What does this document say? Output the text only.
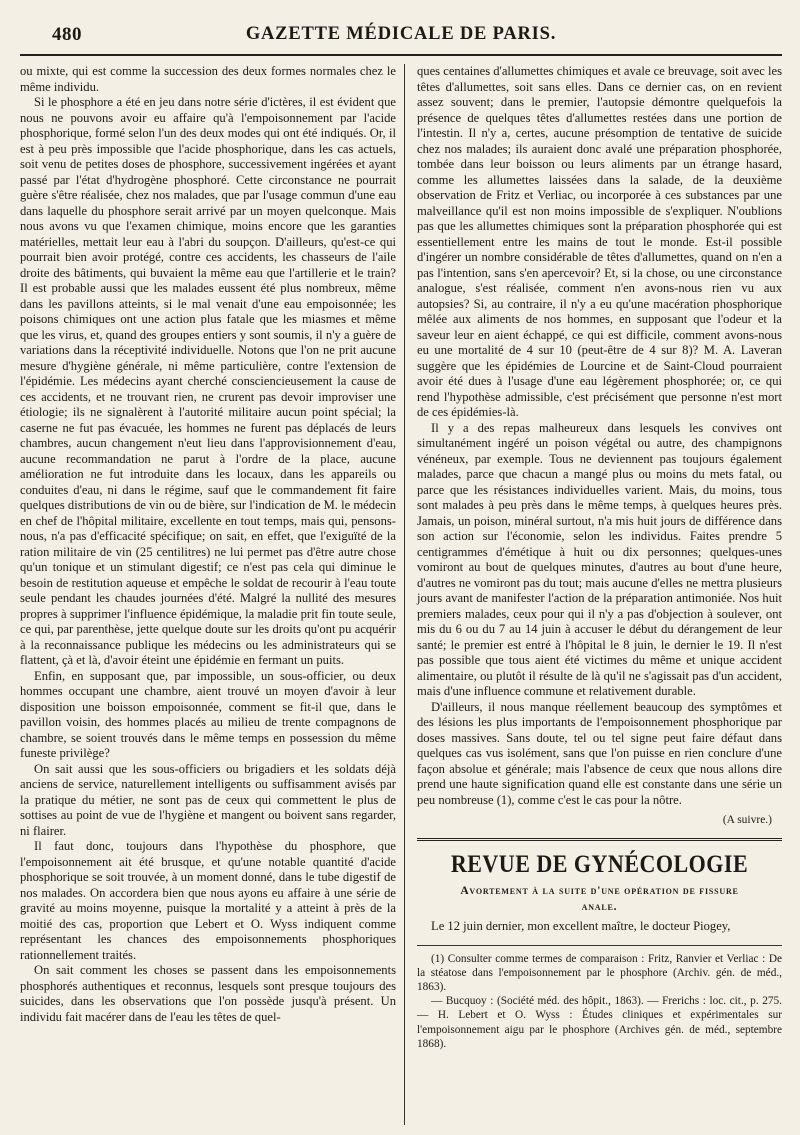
480	GAZETTE MÉDICALE DE PARIS.

ou mixte, qui est comme la succession des deux formes normales chez le même individu.

Si le phosphore a été en jeu dans notre série d'ictères, il est évident que nous ne pouvons avoir eu affaire qu'à l'empoisonnement par l'acide phosphorique, formé selon l'un des deux modes qui ont été indiqués. Or, il est à peu près impossible que l'acide phosphorique, dans les cas actuels, soit venu de petites doses de phosphore, successivement ingérées et ayant passé par l'état d'hydrogène phosphoré. Cette circonstance ne pourrait guère s'être réalisée, chez nos malades, que par l'usage commun d'une eau dans laquelle du phosphore serait arrivé par un moyen quelconque. Mais nous avons vu que l'examen chimique, moins encore que les garanties matérielles, mettait leur eau à l'abri du soupçon. D'ailleurs, qu'est-ce qui pourrait bien avoir protégé, contre ces accidents, les chasseurs de l'aile droite des bâtiments, qui buvaient la même eau que l'artillerie et le train? Il est probable aussi que les malades eussent été plus nombreux, même dans les pavillons atteints, si le mal venait d'une eau empoisonnée; les poisons chimiques ont une action plus fatale que les miasmes et même que les virus, et, quand des groupes entiers y sont soumis, il n'y a guère de variations dans la réceptivité individuelle. Notons que l'on ne prit aucune mesure d'hygiène générale, ni même particulière, contre l'extension de l'épidémie. Les médecins ayant cherché consciencieusement la cause de ces accidents, et ne trouvant rien, ne crurent pas devoir improviser une étiologie; ils ne signalèrent à l'autorité militaire aucun point spécial; la caserne ne fut pas évacuée, les hommes ne furent pas déplacés de leurs chambres, aucun changement n'eut lieu dans l'approvisionnement d'eau, aucune recommandation ne parut à l'ordre de la place, aucune amélioration ne fut introduite dans les locaux, dans les appareils ou conduites d'eau, ni dans le régime, sauf que le commandement fit faire quelques distributions de vin ou de bière, sur l'indication de M. le médecin en chef de l'hôpital militaire, excellente en tout temps, mais qui, pensons-nous, n'a pas d'efficacité spécifique; on sait, en effet, que l'exiguïté de la ration militaire de vin (25 centilitres) ne lui permet pas d'être autre chose qu'un tonique et un stimulant digestif; ce n'est pas cela qui diminue le besoin de restitution aqueuse et empêche le soldat de recourir à l'eau toute seule pendant les chaudes journées d'été. Malgré la nullité des mesures propres à supprimer l'influence épidémique, la maladie prit fin toute seule, ce qui, par parenthèse, jette quelque doute sur les droits qu'ont pu acquérir à la reconnaissance publique les médecins ou les administrateurs qui se flattent, çà et là, d'avoir éteint une épidémie en fermant un puits.

Enfin, en supposant que, par impossible, un sous-officier, ou deux hommes occupant une chambre, aient trouvé un moyen d'avoir à leur disposition une boisson empoisonnée, comment se fit-il que, dans le pavillon voisin, des hommes placés au milieu de trente compagnons de chambre, se soient trouvés dans le même temps en possession du même funeste privilège?

On sait aussi que les sous-officiers ou brigadiers et les soldats déjà anciens de service, naturellement intelligents ou suffisamment avisés par la pratique du métier, ne sont pas de ceux qui commettent le plus de sottises au point de vue de l'hygiène et mangent ou boivent sans regarder, ni flairer.

Il faut donc, toujours dans l'hypothèse du phosphore, que l'empoisonnement ait été brusque, et qu'une notable quantité d'acide phosphorique se soit trouvée, à un moment donné, dans le tube digestif de nos malades. On accordera bien que nous ayons eu affaire à une série de gravité au moins moyenne, puisque la mortalité y a atteint à près de la moitié des cas, proportion que Lebert et O. Wyss indiquent comme représentant les chances des empoisonnements phosphoriques rationnellement traités.

On sait comment les choses se passent dans les empoisonnements phosphorés authentiques et reconnus, lesquels sont presque toujours des suicides, dans les observations que l'on possède jusqu'à présent. Un individu fait macérer dans de l'eau les têtes de quel-

ques centaines d'allumettes chimiques et avale ce breuvage, soit avec les têtes d'allumettes, soit sans elles. Dans ce dernier cas, on en revient assez souvent; dans le premier, l'autopsie démontre quelquefois la présence de quelques têtes d'allumettes restées dans une portion de l'intestin. Il n'y a, certes, aucune présomption de tentative de suicide chez nos malades; ils auraient donc avalé une préparation phosphorée, tombée dans leur boisson ou leurs aliments par un étrange hasard, comme les allumettes laissées dans la salade, de la deuxième observation de Fritz et Verliac, ou incorporée à ces substances par une malveillance qu'il est non moins impossible de s'expliquer. N'oublions pas que les allumettes chimiques sont la préparation phosphorée qui est essentiellement entre les mains de tout le monde. Est-il possible d'ingérer un nombre considérable de têtes d'allumettes, quand on n'en a pas l'intention, sans s'en apercevoir? Et, si la chose, ou une circonstance analogue, s'est réalisée, comment n'en avons-nous rien vu aux autopsies? Si, au contraire, il n'y a eu qu'une macération phosphorique mêlée aux aliments de nos hommes, en supposant que l'odeur et la saveur leur en aient échappé, ce qui est difficile, comment avons-nous eu une mortalité de 4 sur 10 (peut-être de 4 sur 8)? M. A. Laveran suggère que les épidémies de Lourcine et de Saint-Cloud pourraient avoir été dues à l'usage d'une eau légèrement phosphorée; or, ce qui rend l'hypothèse admissible, c'est précisément que personne n'est mort de ces épidémies-là.

Il y a des repas malheureux dans lesquels les convives ont simultanément ingéré un poison végétal ou autre, des champignons vénéneux, par exemple. Tous ne deviennent pas toujours également malades, parce que chacun a mangé plus ou moins du mets fatal, ou parce que les résistances individuelles varient. Mais, du moins, tous sont malades à peu près dans le même temps, à quelques heures près. Jamais, un poison, minéral surtout, n'a mis huit jours de différence dans son action sur l'économie, selon les individus. Faites prendre 5 centigrammes d'émétique à huit ou dix personnes; quelques-unes vomiront au bout de quelques minutes, d'autres au bout d'une heure, d'autres ne vomiront pas du tout; mais aucune d'elles ne mettra plusieurs jours avant de manifester l'action de la préparation antimoniée. Nos huit premiers malades, ceux pour qui il n'y a pas d'objection à soulever, ont mis du 6 ou du 7 au 14 juin à accuser le début du dérangement de leur santé; le premier est entré à l'hôpital le 8 juin, le dernier le 19. Il n'est pas possible que tous aient été victimes du même et unique accident alimentaire, ou plutôt il résulte de là qu'il ne s'agissait pas d'un accident, mais d'une influence commune et relativement durable.

D'ailleurs, il nous manque réellement beaucoup des symptômes et des lésions les plus importants de l'empoisonnement phosphorique par doses massives. Sans doute, tel ou tel signe peut faire défaut dans quelques cas vus isolément, sans que l'on puisse en rien conclure d'une façon absolue et générale; mais l'absence de ceux que nous allons dire prend une haute signification quand elle est constante dans une série un peu nombreuse (1), comme c'est le cas pour la nôtre.

(A suivre.)
REVUE DE GYNÉCOLOGIE
Avortement à la suite d'une opération de fissure
anale.

Le 12 juin dernier, mon excellent maître, le docteur Piogey,

(1) Consulter comme termes de comparaison : Fritz, Ranvier et Verliac : De la stéatose dans l'empoisonnement par le phosphore (Archiv. gén. de méd., 1863).

— Bucquoy : (Société méd. des hôpit., 1863). — Frerichs : loc. cit., p. 275. — H. Lebert et O. Wyss : Études cliniques et expérimentales sur l'empoisonnement aigu par le phosphore (Archives gén. de méd., septembre 1868).
